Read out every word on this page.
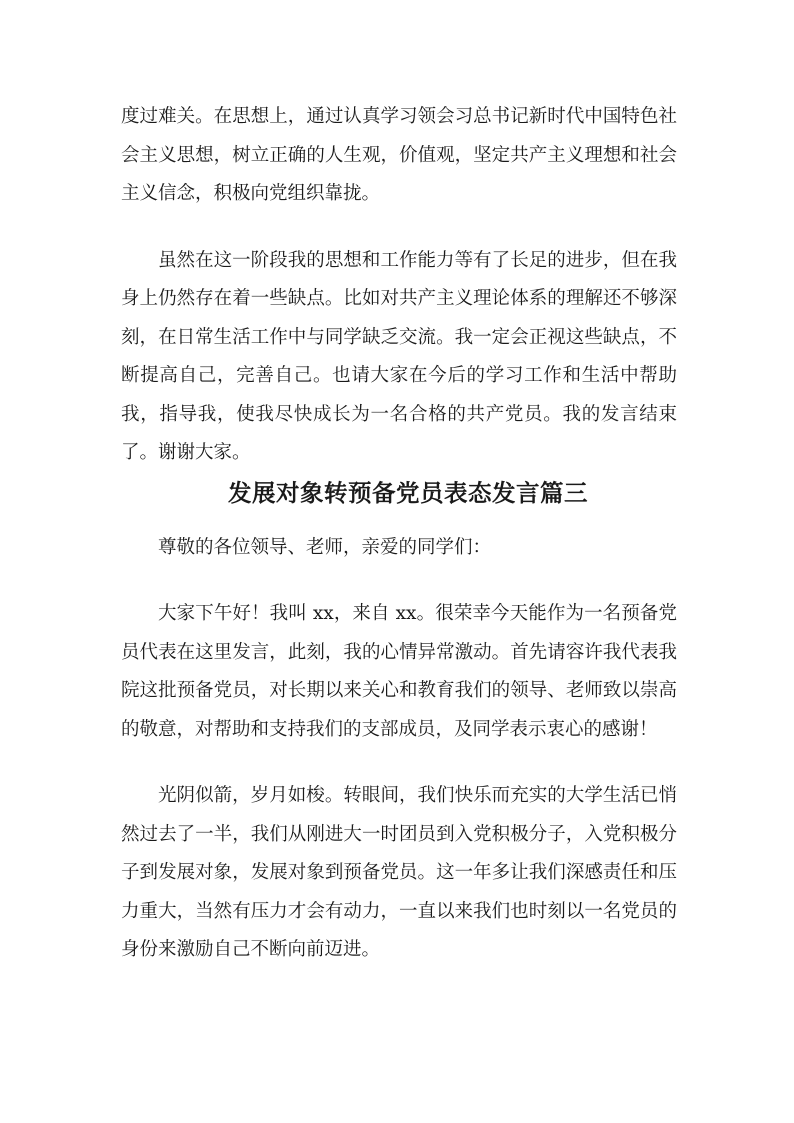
度过难关。在思想上，通过认真学习领会习总书记新时代中国特色社会主义思想，树立正确的人生观，价值观，坚定共产主义理想和社会主义信念，积极向党组织靠拢。

虽然在这一阶段我的思想和工作能力等有了长足的进步，但在我身上仍然存在着一些缺点。比如对共产主义理论体系的理解还不够深刻，在日常生活工作中与同学缺乏交流。我一定会正视这些缺点，不断提高自己，完善自己。也请大家在今后的学习工作和生活中帮助我，指导我，使我尽快成长为一名合格的共产党员。我的发言结束了。谢谢大家。

发展对象转预备党员表态发言篇三

尊敬的各位领导、老师，亲爱的同学们：

大家下午好！我叫 xx，来自 xx。很荣幸今天能作为一名预备党员代表在这里发言，此刻，我的心情异常激动。首先请容许我代表我院这批预备党员，对长期以来关心和教育我们的领导、老师致以崇高的敬意，对帮助和支持我们的支部成员，及同学表示衷心的感谢！

光阴似箭，岁月如梭。转眼间，我们快乐而充实的大学生活已悄然过去了一半，我们从刚进大一时团员到入党积极分子，入党积极分子到发展对象，发展对象到预备党员。这一年多让我们深感责任和压力重大，当然有压力才会有动力，一直以来我们也时刻以一名党员的身份来激励自己不断向前迈进。
